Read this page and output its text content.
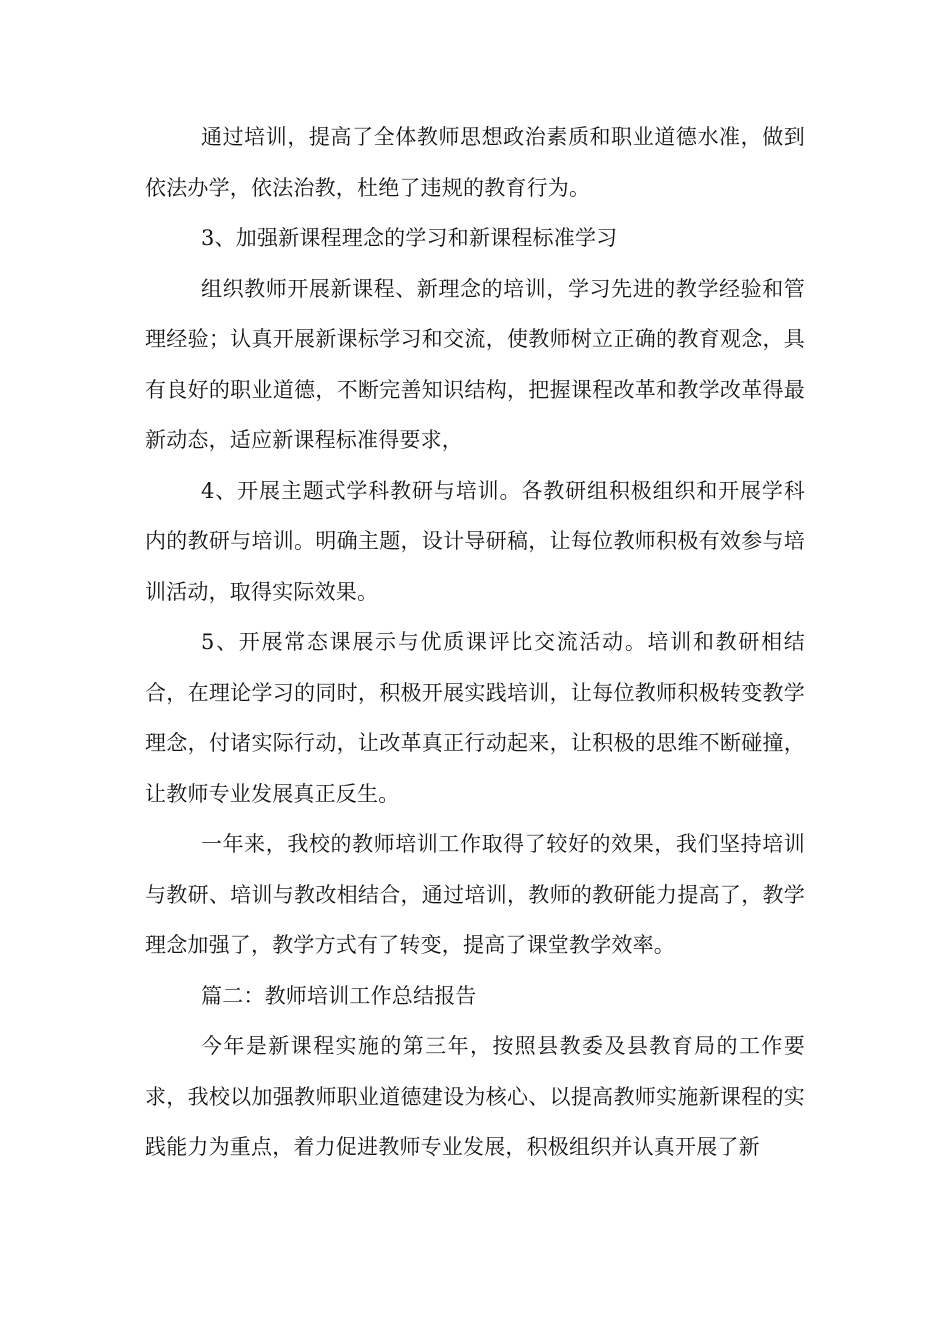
通过培训，提高了全体教师思想政治素质和职业道德水准，做到依法办学，依法治教，杜绝了违规的教育行为。

3、加强新课程理念的学习和新课程标准学习

组织教师开展新课程、新理念的培训，学习先进的教学经验和管理经验；认真开展新课标学习和交流，使教师树立正确的教育观念，具有良好的职业道德，不断完善知识结构，把握课程改革和教学改革得最新动态，适应新课程标准得要求，

4、开展主题式学科教研与培训。各教研组积极组织和开展学科内的教研与培训。明确主题，设计导研稿，让每位教师积极有效参与培训活动，取得实际效果。

5、开展常态课展示与优质课评比交流活动。培训和教研相结合，在理论学习的同时，积极开展实践培训，让每位教师积极转变教学理念，付诸实际行动，让改革真正行动起来，让积极的思维不断碰撞，让教师专业发展真正反生。

一年来，我校的教师培训工作取得了较好的效果，我们坚持培训与教研、培训与教改相结合，通过培训，教师的教研能力提高了，教学理念加强了，教学方式有了转变，提高了课堂教学效率。

篇二：教师培训工作总结报告

今年是新课程实施的第三年，按照县教委及县教育局的工作要求，我校以加强教师职业道德建设为核心、以提高教师实施新课程的实践能力为重点，着力促进教师专业发展，积极组织并认真开展了新
